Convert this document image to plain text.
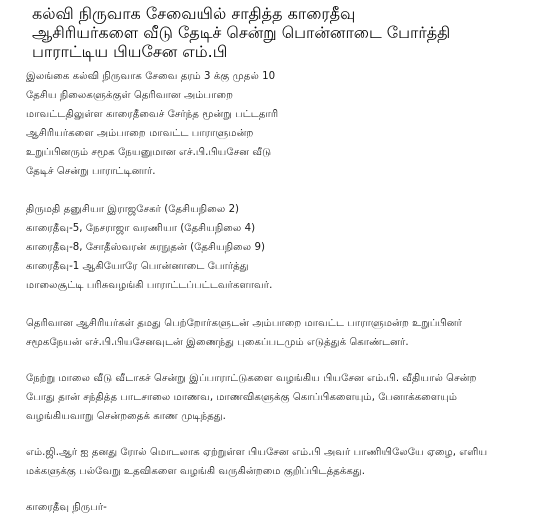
கல்வி நிருவாக சேவையில் சாதித்த காரைதீவு
ஆசிரியர்களை வீடு தேடிச் சென்று பொன்னாடை போர்த்தி
பாராட்டிய பியசேன எம்.பி

இலங்கை கல்வி நிருவாக சேவை தரம் 3 க்கு முதல் 10
தேசிய நிலைகளுக்குள் தெரிவான அம்பாறை
மாவட்டதிலுள்ள காரைதீவைச் சேர்ந்த மூன்று பட்டதாரி
ஆசிரியர்களை அம்பாறை மாவட்ட பாராளுமன்ற
உறுப்பினரும் சமூக நேயனுமான எச்.பி.பியசேன வீடு
தேடிச் சென்று பாராட்டினார்.

திருமதி தனுசியா இராஜசேகர் (தேசியநிலை 2)
காரைதீவு-5, நேசராஜா வரணியா (தேசியநிலை 4)
காரைதீவு-8, சோதீஸ்வரன் சுரநுதன் (தேசியநிலை 9)
காரைதீவு-1 ஆகியோரே பொன்னாடை போர்த்து
மாலைசூட்டி பரிசுவழங்கி பாராட்டப்பட்டவர்களாவர்.

தெரிவான ஆசிரியர்கள் தமது பெற்றோர்களுடன் அம்பாறை மாவட்ட பாராளுமன்ற உறுப்பினர்
சமூகநேயன் எச்.பி.பியசேனவுடன் இணைந்து புகைப்படமும் எடுத்துக் கொண்டனர்.

நேற்று மாலை வீடு வீடாகச் சென்று இப்பாராட்டுகளை வழங்கிய பியசேன எம்.பி. வீதியால் சென்ற
போது தான் சந்தித்த பாடசாலை மாணவ, மாணவிகளுக்கு கொப்பிகளையும், பேனாக்களையும்
வழங்கியவாறு சென்றதைக் காண முடிந்தது.

எம்.ஜி.ஆர் ஐ தனது ரோல் மொடலாக ஏற்றுள்ள பியசேன எம்.பி அவர் பாணியிலேயே ஏழை, எளிய
மக்களுக்கு பல்வேறு உதவிகளை வழங்கி வருகின்றமை குறிப்பிடத்தக்கது.

காரைதீவு நிருபர்-
